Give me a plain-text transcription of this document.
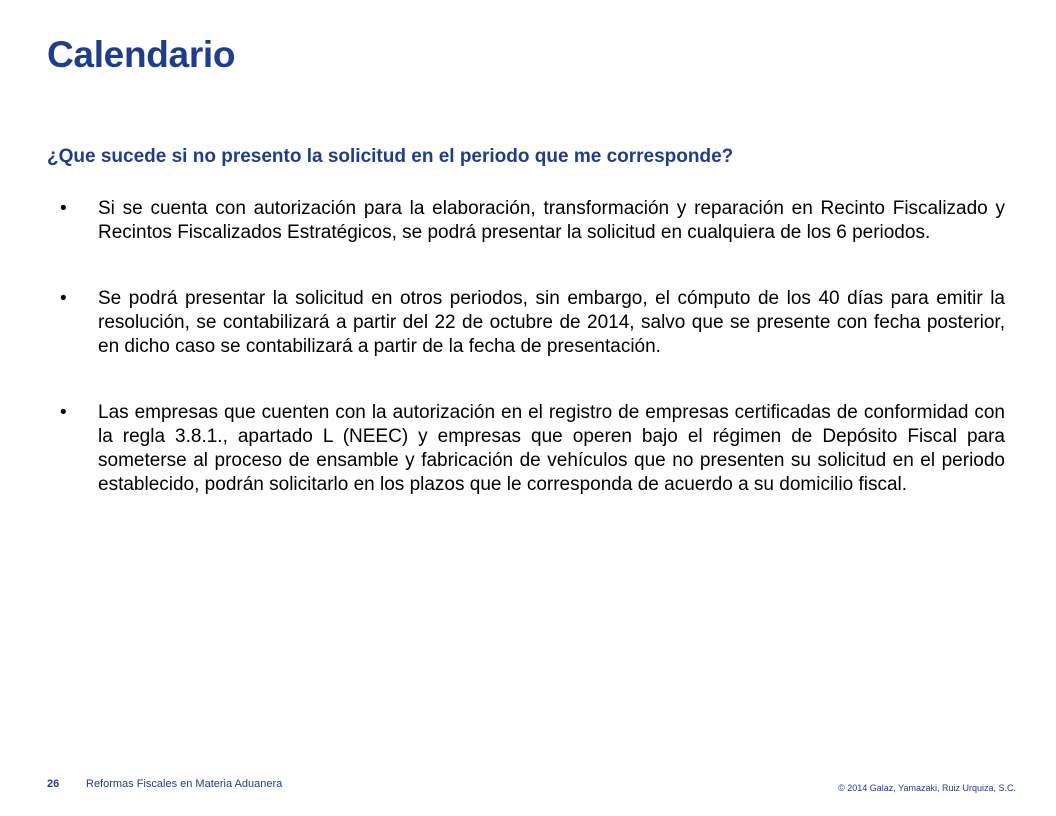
Calendario

¿Que sucede si no presento la solicitud en el periodo que me corresponde?

• Si se cuenta con autorización para la elaboración, transformación y reparación en Recinto Fiscalizado y Recintos Fiscalizados Estratégicos, se podrá presentar la solicitud en cualquiera de los 6 periodos.
• Se podrá presentar la solicitud en otros periodos, sin embargo, el cómputo de los 40 días para emitir la resolución, se contabilizará a partir del 22 de octubre de 2014, salvo que se presente con fecha posterior, en dicho caso se contabilizará a partir de la fecha de presentación.
• Las empresas que cuenten con la autorización en el registro de empresas certificadas de conformidad con la regla 3.8.1., apartado L (NEEC) y empresas que operen bajo el régimen de Depósito Fiscal para someterse al proceso de ensamble y fabricación de vehículos que no presenten su solicitud en el periodo establecido, podrán solicitarlo en los plazos que le corresponda de acuerdo a su domicilio fiscal.
26 Reformas Fiscales en Materia Aduanera	© 2014 Galaz, Yamazaki, Ruiz Urquiza, S.C.
